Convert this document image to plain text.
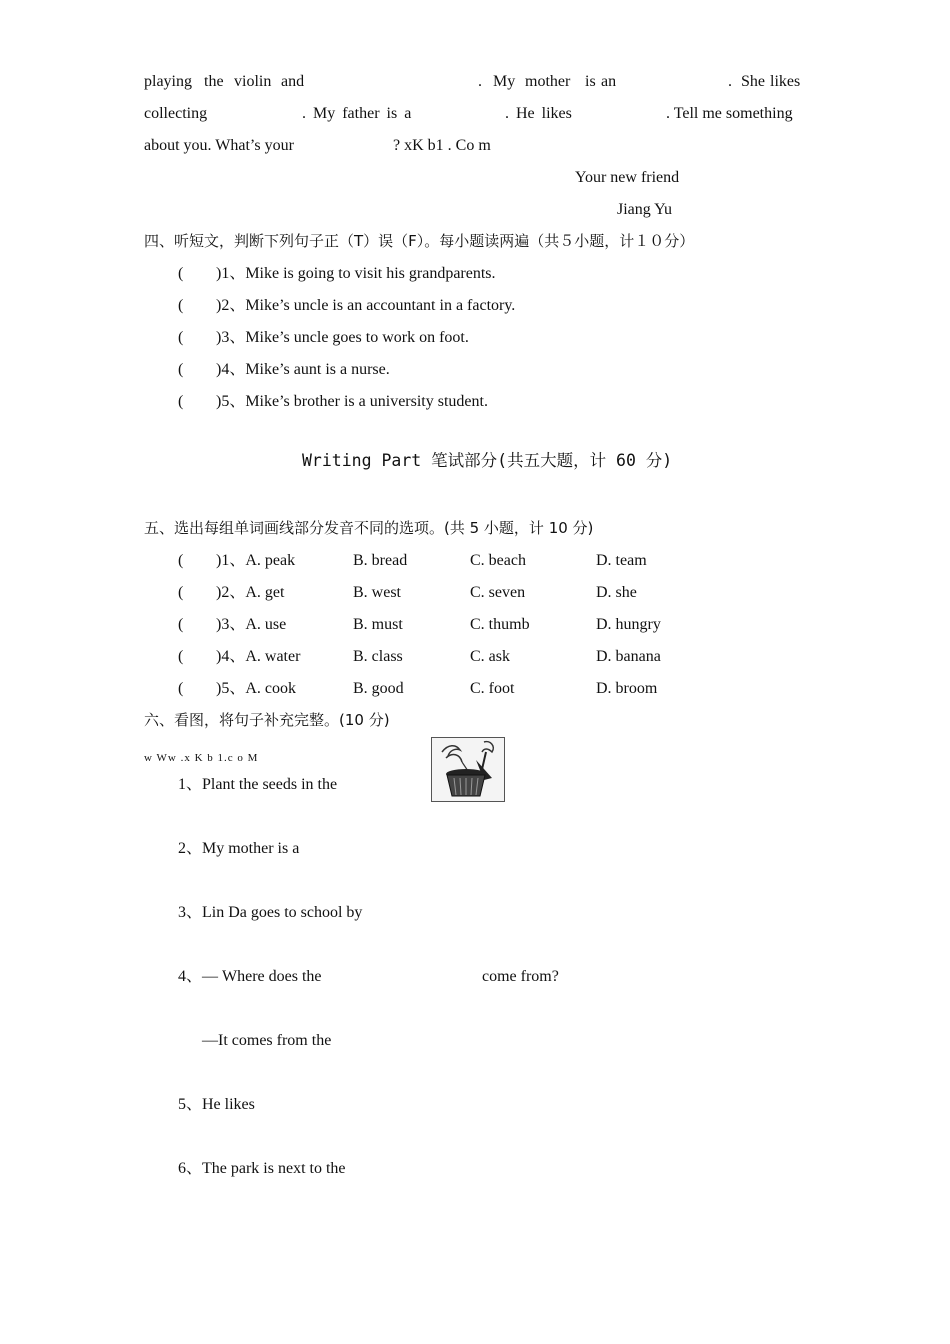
playing the violin and	. My mother is an	. She likes
collecting	. My father is a	. He likes	. Tell me something
about you. What’s your	? xK b1 . Co m
Your new friend
Jiang Yu
四、听短文，判断下列句子正（T）误（F）。每小题读两遍（共５小题，计１０分）
( )1、Mike is going to visit his grandparents.
( )2、Mike’s uncle is an accountant in a factory.
( )3、Mike’s uncle goes to work on foot.
( )4、Mike’s aunt is a nurse.
( )5、Mike’s brother is a university student.
Writing Part 笔试部分(共五大题，计 60 分)
五、选出每组单词画线部分发音不同的选项。(共 5 小题，计 10 分)
( )1、A. peak	B. bread	C. beach	D. team
( )2、A. get	B. west	C. seven	D. she
( )3、A. use	B. must	C. thumb	D. hungry
( )4、A. water	B. class	C. ask	D. banana
( )5、A. cook	B. good	C. foot	D. broom
六、看图，将句子补充完整。(10 分)
w Ww .x K b 1.c o M
1、Plant the seeds in the
2、My mother is a
3、Lin Da goes to school by
4、— Where does the	come from?
—It comes from the
5、He likes
6、The park is next to the
